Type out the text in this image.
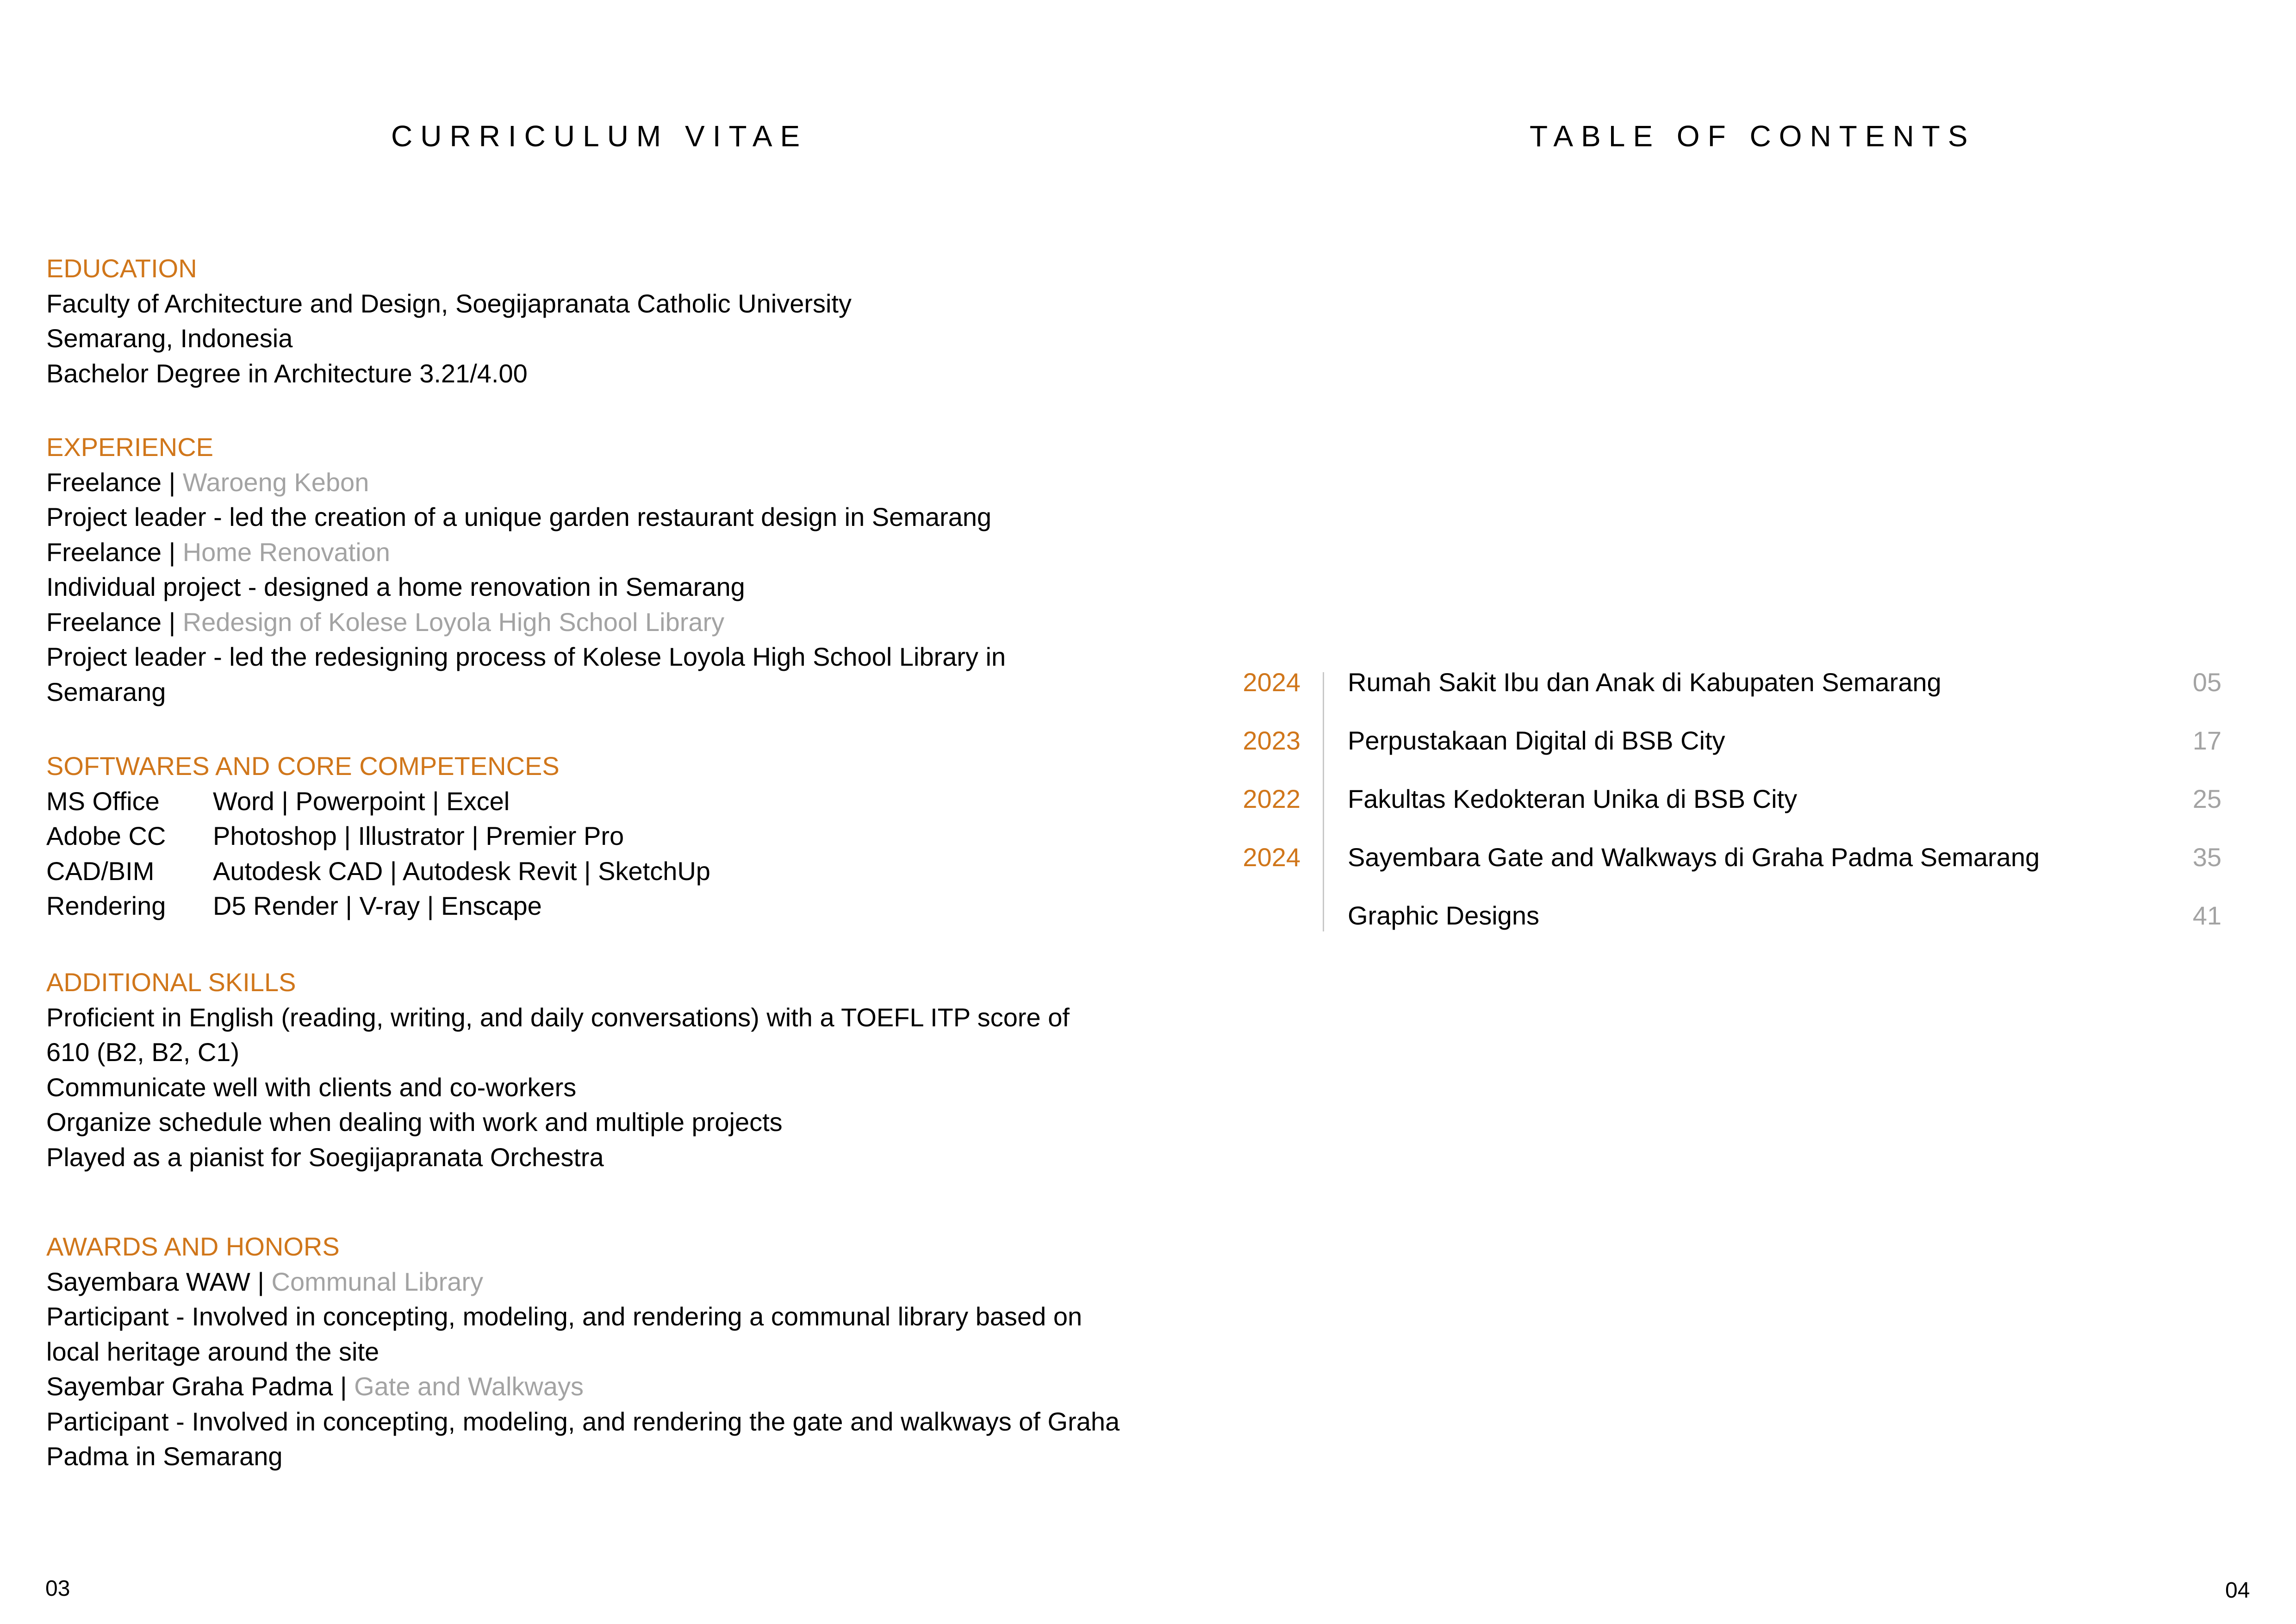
CURRICULUM VITAE
EDUCATION
Faculty of Architecture and Design, Soegijapranata Catholic University
Semarang, Indonesia
Bachelor Degree in Architecture 3.21/4.00
EXPERIENCE
Freelance | Waroeng Kebon
Project leader - led the creation of a unique garden restaurant design in Semarang
Freelance | Home Renovation
Individual project - designed a home renovation in Semarang
Freelance | Redesign of Kolese Loyola High School Library
Project leader - led the redesigning process of Kolese Loyola High School Library in Semarang
SOFTWARES AND CORE COMPETENCES
MS Office Word | Powerpoint | Excel
Adobe CC Photoshop | Illustrator | Premier Pro
CAD/BIM Autodesk CAD | Autodesk Revit | SketchUp
Rendering D5 Render | V-ray | Enscape
ADDITIONAL SKILLS
Proficient in English (reading, writing, and daily conversations) with a TOEFL ITP score of 610 (B2, B2, C1)
Communicate well with clients and co-workers
Organize schedule when dealing with work and multiple projects
Played as a pianist for Soegijapranata Orchestra
AWARDS AND HONORS
Sayembara WAW | Communal Library
Participant - Involved in concepting, modeling, and rendering a communal library based on local heritage around the site
Sayembar Graha Padma | Gate and Walkways
Participant - Involved in concepting, modeling, and rendering the gate and walkways of Graha Padma in Semarang
03
TABLE OF CONTENTS
2024 Rumah Sakit Ibu dan Anak di Kabupaten Semarang	05
2023 Perpustakaan Digital di BSB City	17
2022 Fakultas Kedokteran Unika di BSB City	25
2024 Sayembara Gate and Walkways di Graha Padma Semarang	35
Graphic Designs	41
04
